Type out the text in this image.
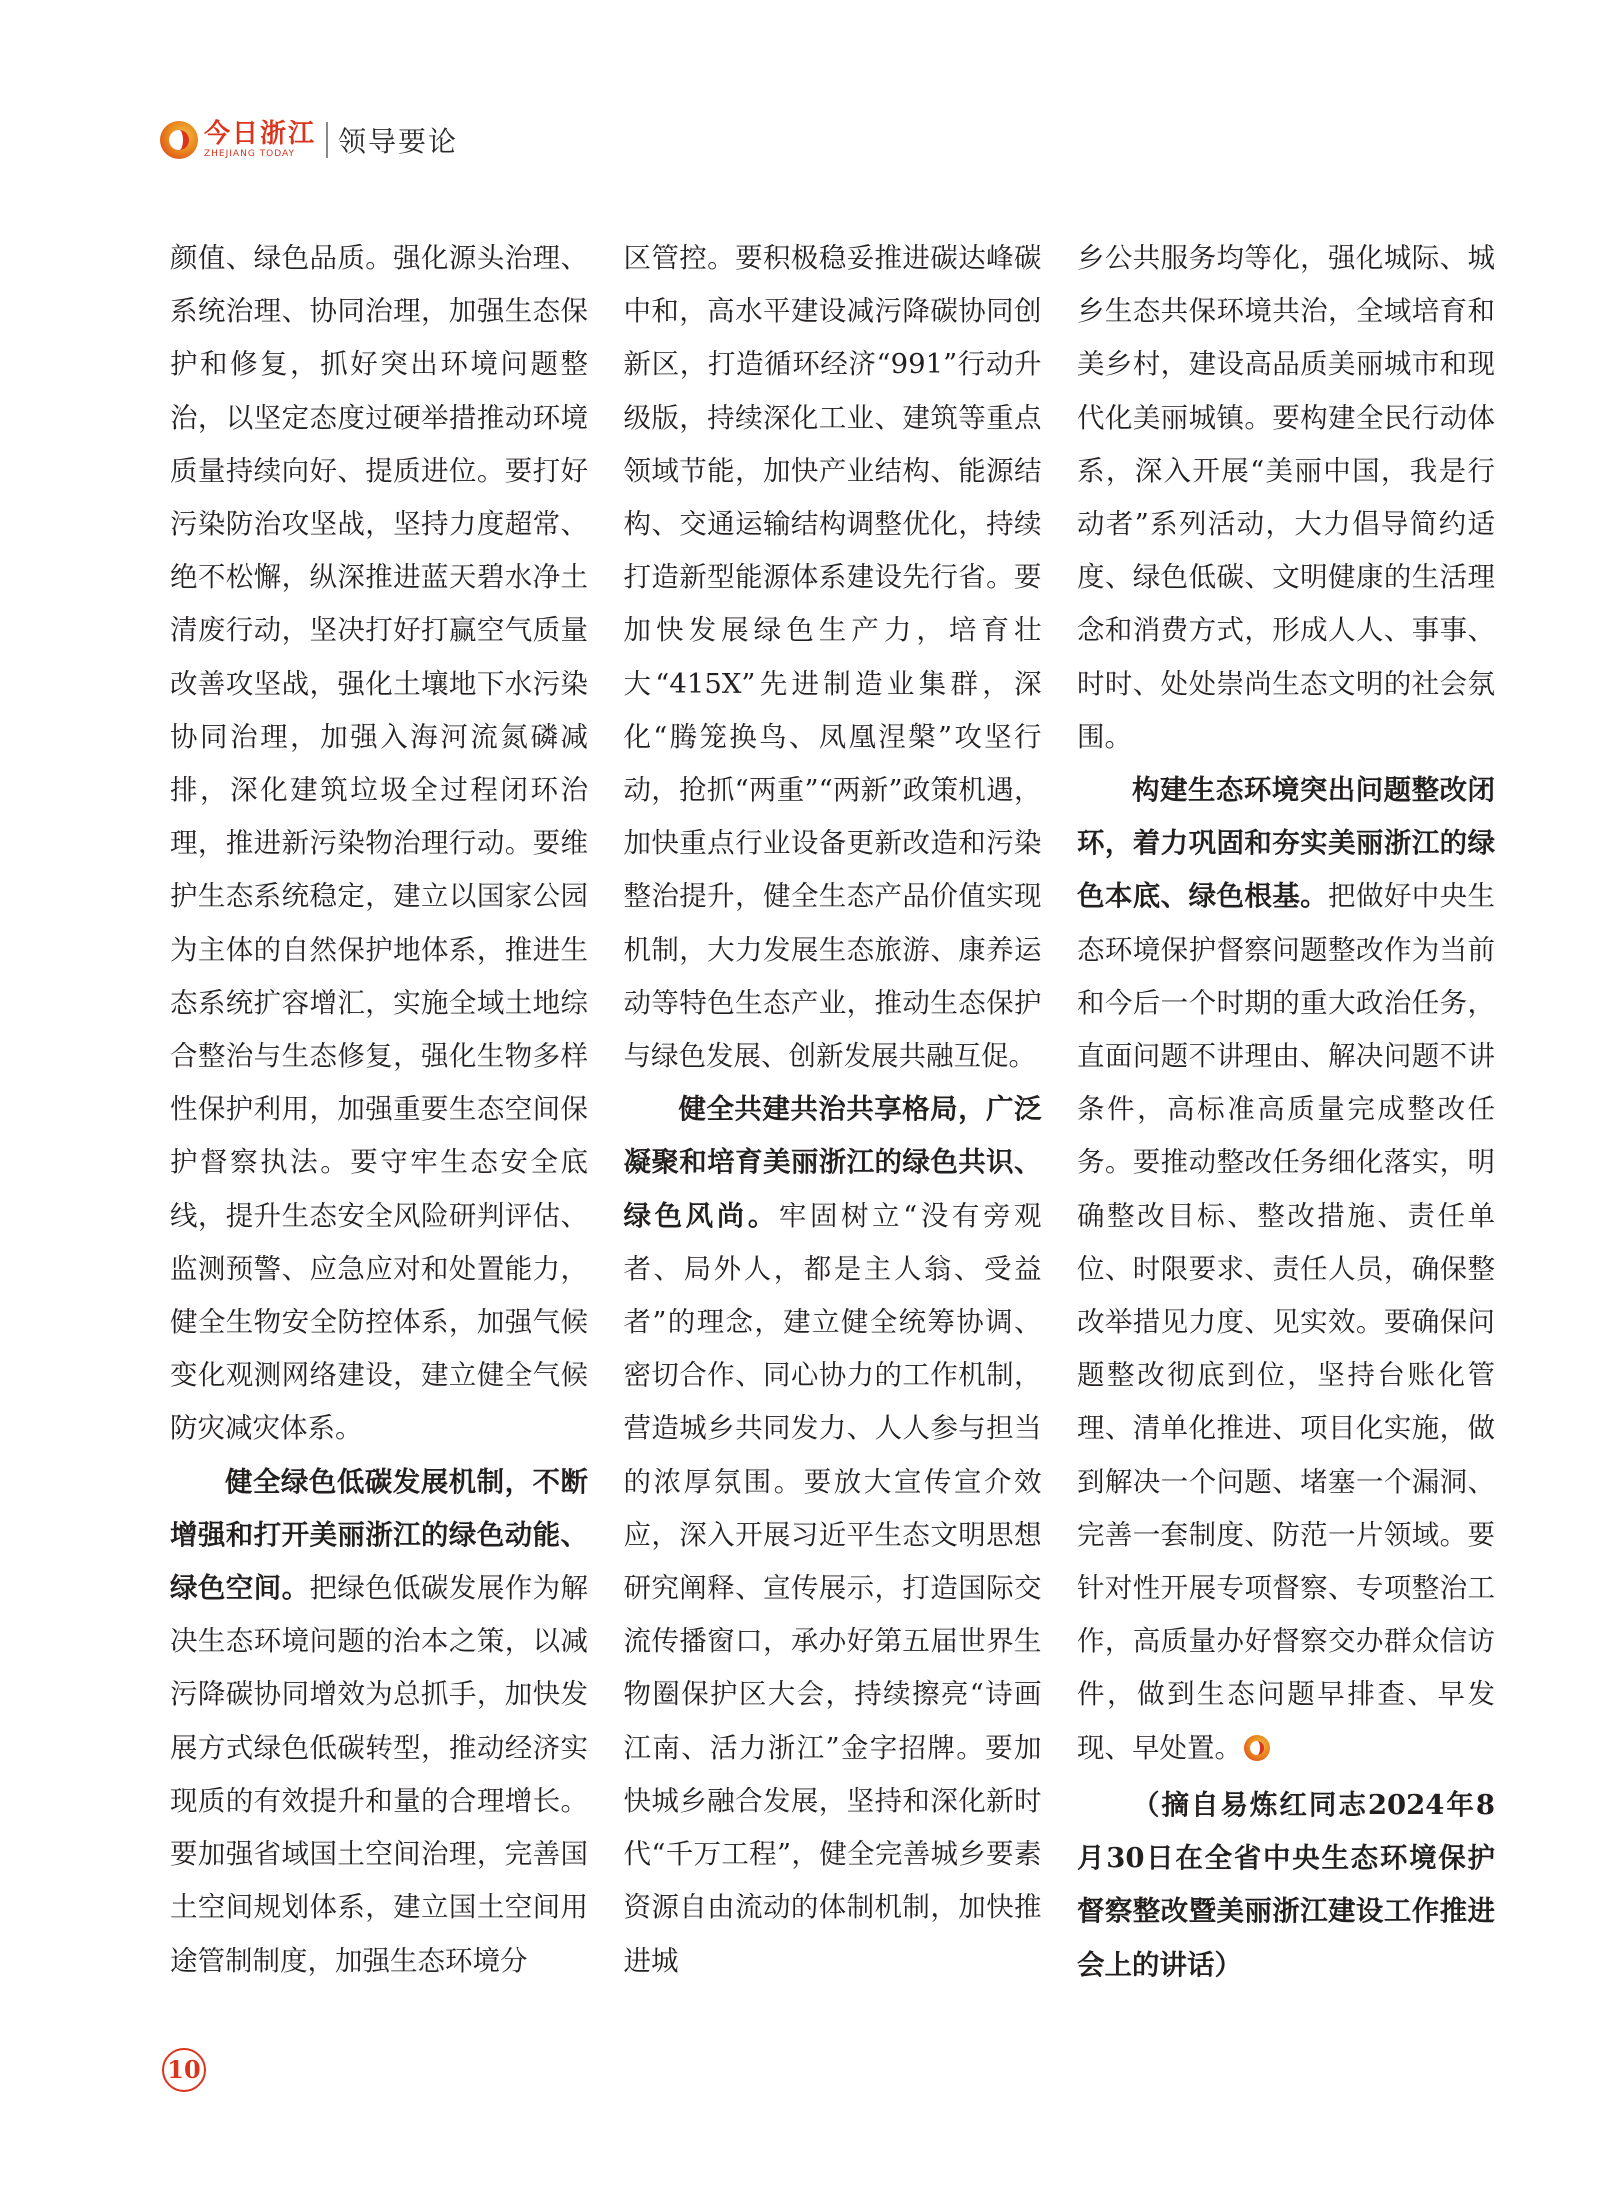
今日浙江
ZHEJIANG TODAY	领导要论

颜值、绿色品质。强化源头治理、系统治理、协同治理，加强生态保护和修复，抓好突出环境问题整治，以坚定态度过硬举措推动环境质量持续向好、提质进位。要打好污染防治攻坚战，坚持力度超常、绝不松懈，纵深推进蓝天碧水净土清废行动，坚决打好打赢空气质量改善攻坚战，强化土壤地下水污染协同治理，加强入海河流氮磷减排，深化建筑垃圾全过程闭环治理，推进新污染物治理行动。要维护生态系统稳定，建立以国家公园为主体的自然保护地体系，推进生态系统扩容增汇，实施全域土地综合整治与生态修复，强化生物多样性保护利用，加强重要生态空间保护督察执法。要守牢生态安全底线，提升生态安全风险研判评估、监测预警、应急应对和处置能力，健全生物安全防控体系，加强气候变化观测网络建设，建立健全气候防灾减灾体系。

健全绿色低碳发展机制，不断增强和打开美丽浙江的绿色动能、绿色空间。把绿色低碳发展作为解决生态环境问题的治本之策，以减污降碳协同增效为总抓手，加快发展方式绿色低碳转型，推动经济实现质的有效提升和量的合理增长。要加强省域国土空间治理，完善国土空间规划体系，建立国土空间用途管制制度，加强生态环境分

区管控。要积极稳妥推进碳达峰碳中和，高水平建设减污降碳协同创新区，打造循环经济“991”行动升级版，持续深化工业、建筑等重点领域节能，加快产业结构、能源结构、交通运输结构调整优化，持续打造新型能源体系建设先行省。要加快发展绿色生产力，培育壮大“415X”先进制造业集群，深化“腾笼换鸟、凤凰涅槃”攻坚行动，抢抓“两重”“两新”政策机遇，加快重点行业设备更新改造和污染整治提升，健全生态产品价值实现机制，大力发展生态旅游、康养运动等特色生态产业，推动生态保护与绿色发展、创新发展共融互促。

健全共建共治共享格局，广泛凝聚和培育美丽浙江的绿色共识、绿色风尚。牢固树立“没有旁观者、局外人，都是主人翁、受益者”的理念，建立健全统筹协调、密切合作、同心协力的工作机制，营造城乡共同发力、人人参与担当的浓厚氛围。要放大宣传宣介效应，深入开展习近平生态文明思想研究阐释、宣传展示，打造国际交流传播窗口，承办好第五届世界生物圈保护区大会，持续擦亮“诗画江南、活力浙江”金字招牌。要加快城乡融合发展，坚持和深化新时代“千万工程”，健全完善城乡要素资源自由流动的体制机制，加快推进城

乡公共服务均等化，强化城际、城乡生态共保环境共治，全域培育和美乡村，建设高品质美丽城市和现代化美丽城镇。要构建全民行动体系，深入开展“美丽中国，我是行动者”系列活动，大力倡导简约适度、绿色低碳、文明健康的生活理念和消费方式，形成人人、事事、时时、处处崇尚生态文明的社会氛围。

构建生态环境突出问题整改闭环，着力巩固和夯实美丽浙江的绿色本底、绿色根基。把做好中央生态环境保护督察问题整改作为当前和今后一个时期的重大政治任务，直面问题不讲理由、解决问题不讲条件，高标准高质量完成整改任务。要推动整改任务细化落实，明确整改目标、整改措施、责任单位、时限要求、责任人员，确保整改举措见力度、见实效。要确保问题整改彻底到位，坚持台账化管理、清单化推进、项目化实施，做到解决一个问题、堵塞一个漏洞、完善一套制度、防范一片领域。要针对性开展专项督察、专项整治工作，高质量办好督察交办群众信访件，做到生态问题早排查、早发现、早处置。

（摘自易炼红同志2024年8月30日在全省中央生态环境保护督察整改暨美丽浙江建设工作推进会上的讲话）

10
